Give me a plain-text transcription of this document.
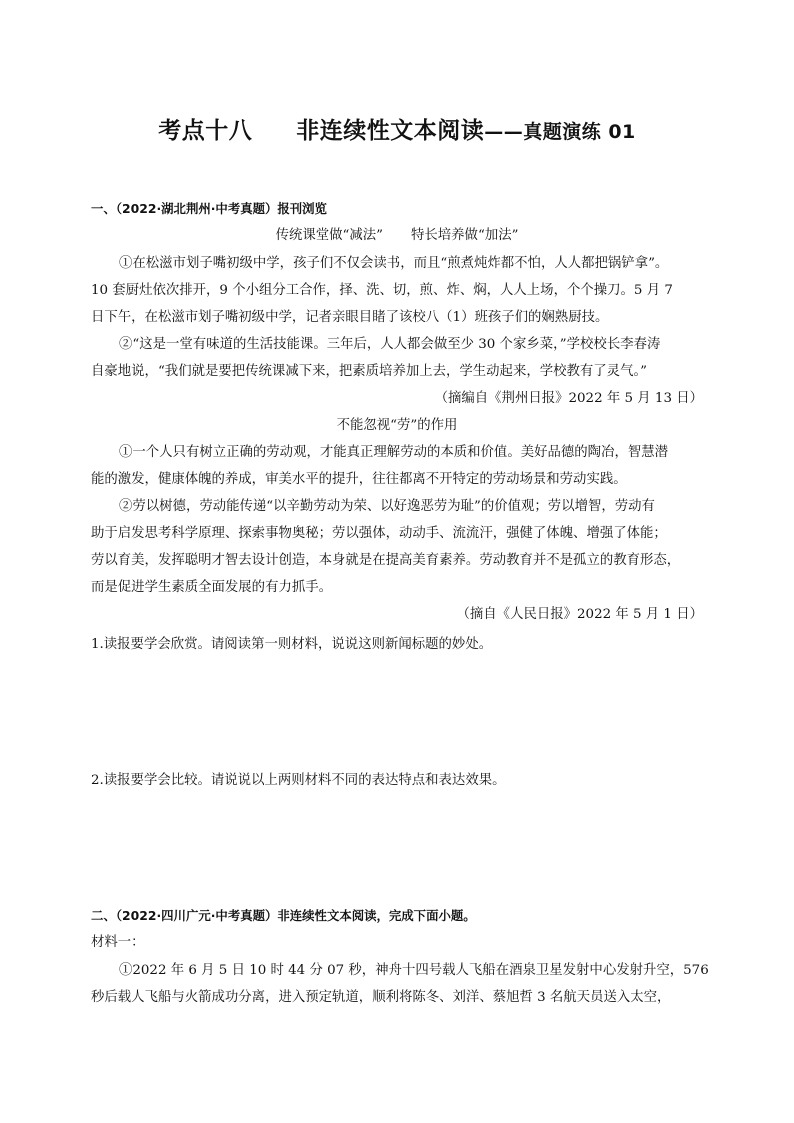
考点十八 非连续性文本阅读——真题演练 01
一、（2022·湖北荆州·中考真题）报刊浏览
传统课堂做“减法” 特长培养做“加法”
①在松滋市划子嘴初级中学，孩子们不仅会读书，而且“煎煮炖炸都不怕，人人都把锅铲拿”。
10 套厨灶依次排开，9 个小组分工合作，择、洗、切，煎、炸、焖，人人上场，个个操刀。5 月 7
日下午，在松滋市划子嘴初级中学，记者亲眼目睹了该校八（1）班孩子们的娴熟厨技。
②“这是一堂有味道的生活技能课。三年后，人人都会做至少 30 个家乡菜，”学校校长李春涛
自豪地说，“我们就是要把传统课减下来，把素质培养加上去，学生动起来，学校教有了灵气。”
（摘编自《荆州日报》2022 年 5 月 13 日）
不能忽视“劳”的作用
①一个人只有树立正确的劳动观，才能真正理解劳动的本质和价值。美好品德的陶冶，智慧潜
能的激发，健康体魄的养成，审美水平的提升，往往都离不开特定的劳动场景和劳动实践。
②劳以树德，劳动能传递“以辛勤劳动为荣、以好逸恶劳为耻”的价值观；劳以增智，劳动有
助于启发思考科学原理、探索事物奥秘；劳以强体，动动手、流流汗，强健了体魄、增强了体能；
劳以育美，发挥聪明才智去设计创造，本身就是在提高美育素养。劳动教育并不是孤立的教育形态，
而是促进学生素质全面发展的有力抓手。
（摘自《人民日报》2022 年 5 月 1 日）
1.读报要学会欣赏。请阅读第一则材料，说说这则新闻标题的妙处。
2.读报要学会比较。请说说以上两则材料不同的表达特点和表达效果。
二、（2022·四川广元·中考真题）非连续性文本阅读，完成下面小题。
材料一：
①2022 年 6 月 5 日 10 时 44 分 07 秒，神舟十四号载人飞船在酒泉卫星发射中心发射升空，576
秒后载人飞船与火箭成功分离，进入预定轨道，顺利将陈冬、刘洋、蔡旭哲 3 名航天员送入太空，
